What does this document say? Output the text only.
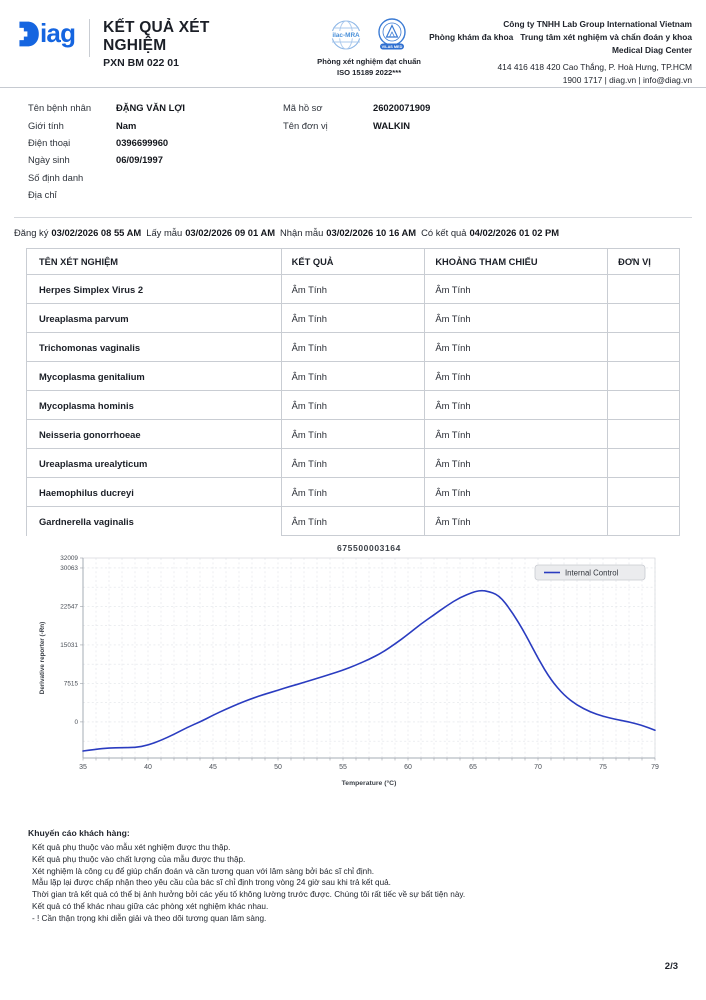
iag KẾT QUẢ XÉT NGHIỆM
PXN BM 022 01
ilac-MRA
VILAS MED
Phòng xét nghiệm đạt chuẩn
ISO 15189 2022***
Công ty TNHH Lab Group International Vietnam
Phòng khám đa khoa   Trung tâm xét nghiệm và chẩn đoán y khoa
Medical Diag Center
414 416 418 420 Cao Thắng, P. Hoà Hưng, TP.HCM
1900 1717 | diag.vn | info@diag.vn
Tên bệnh nhân	ĐẶNG VĂN LỢI
Giới tính	Nam
Điện thoại	0396699960
Ngày sinh	06/09/1997
Số định danh
Địa chỉ
Mã hồ sơ	26020071909
Tên đơn vị	WALKIN
Đăng ký 03/02/2026 08 55 AM Lấy mẫu 03/02/2026 09 01 AM Nhận mẫu 03/02/2026 10 16 AM Có kết quả 04/02/2026 01 02 PM
TÊN XÉT NGHIỆM	KẾT QUẢ	KHOẢNG THAM CHIẾU	ĐƠN VỊ
Herpes Simplex Virus 2	Âm Tính	Âm Tính	
Ureaplasma parvum	Âm Tính	Âm Tính	
Trichomonas vaginalis	Âm Tính	Âm Tính	
Mycoplasma genitalium	Âm Tính	Âm Tính	
Mycoplasma hominis	Âm Tính	Âm Tính	
Neisseria gonorrhoeae	Âm Tính	Âm Tính	
Ureaplasma urealyticum	Âm Tính	Âm Tính	
Haemophilus ducreyi	Âm Tính	Âm Tính	
Gardnerella vaginalis	Âm Tính	Âm Tính	
675500003164
0
7515
15031
22547
30063
32009
35	40	45	50	55	60	65	70	75	79
Temperature (°C)
Derivative reporter (-Rn)
Internal Control
Khuyến cáo khách hàng:
Kết quả phụ thuộc vào mẫu xét nghiệm được thu thập.
Kết quả phụ thuộc vào chất lượng của mẫu được thu thập.
Xét nghiệm là công cụ để giúp chẩn đoán và cần tương quan với lâm sàng bởi bác sĩ chỉ định.
Mẫu lặp lại được chấp nhận theo yêu cầu của bác sĩ chỉ định trong vòng 24 giờ sau khi trả kết quả.
Thời gian trả kết quả có thể bị ảnh hưởng bởi các yếu tố không lường trước được. Chúng tôi rất tiếc về sự bất tiện này.
Kết quả có thể khác nhau giữa các phòng xét nghiệm khác nhau.
- ! Cần thận trọng khi diễn giải và theo dõi tương quan lâm sàng.
2/3
